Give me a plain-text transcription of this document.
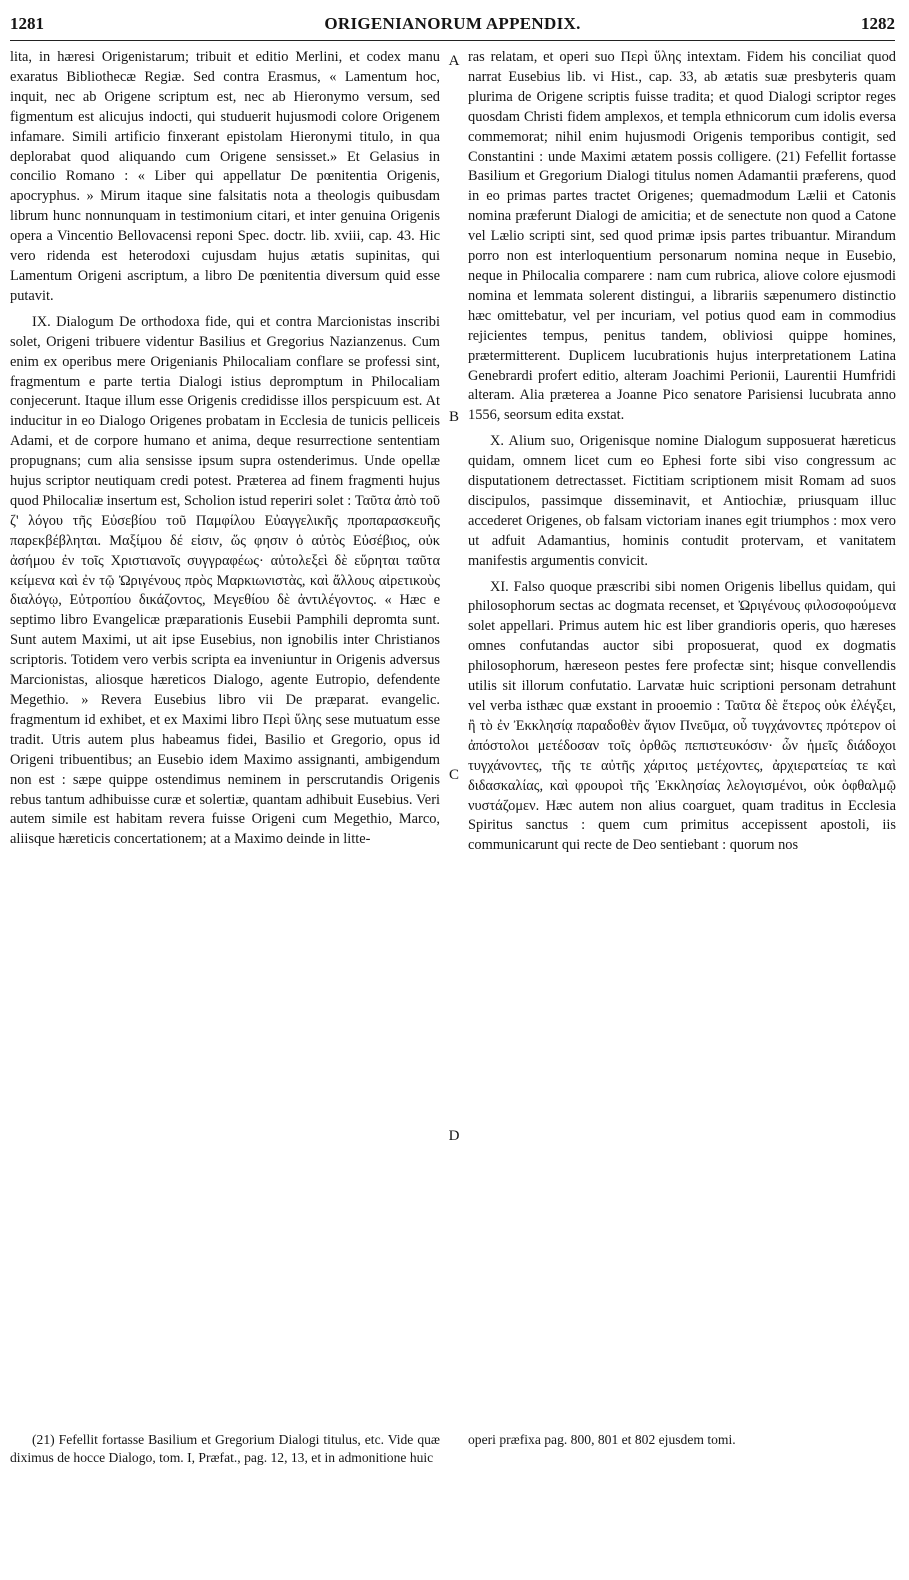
1281	ORIGENIANORUM APPENDIX.	1282

lita, in hæresi Origenistarum; tribuit et editio Merlini, et codex manu exaratus Bibliothecæ Regiæ. Sed contra Erasmus, « Lamentum hoc, inquit, nec ab Origene scriptum est, nec ab Hieronymo versum, sed figmentum est alicujus indocti, qui studuerit hujusmodi colore Origenem infamare. Simili artificio finxerant epistolam Hieronymi titulo, in qua deplorabat quod aliquando cum Origene sensisset.» Et Gelasius in concilio Romano : « Liber qui appellatur De pœnitentia Origenis, apocryphus. » Mirum itaque sine falsitatis nota a theologis quibusdam librum hunc nonnunquam in testimonium citari, et inter genuina Origenis opera a Vincentio Bellovacensi reponi Spec. doctr. lib. xviii, cap. 43. Hic vero ridenda est heterodoxi cujusdam hujus ætatis supinitas, qui Lamentum Origeni ascriptum, a libro De pœnitentia diversum quid esse putavit.

IX. Dialogum De orthodoxa fide, qui et contra Marcionistas inscribi solet, Origeni tribuere videntur Basilius et Gregorius Nazianzenus. Cum enim ex operibus mere Origenianis Philocaliam conflare se professi sint, fragmentum e parte tertia Dialogi istius depromptum in Philocaliam conjecerunt. Itaque illum esse Origenis credidisse illos perspicuum est. At inducitur in eo Dialogo Origenes probatam in Ecclesia de tunicis pelliceis Adami, et de corpore humano et anima, deque resurrectione sententiam propugnans; cum alia sensisse ipsum supra ostenderimus. Unde opellæ hujus scriptor neutiquam credi potest. Præterea ad finem fragmenti hujus quod Philocaliæ insertum est, Scholion istud reperiri solet : Ταῦτα ἀπὸ τοῦ ζ' λόγου τῆς Εὐσεβίου τοῦ Παμφίλου Εὐαγγελικῆς προπαρασκευῆς παρεκβέβληται. Μαξίμου δέ εἰσιν, ὥς φησιν ὁ αὐτὸς Εὐσέβιος, οὐκ ἀσήμου ἐν τοῖς Χριστιανοῖς συγγραφέως· αὐτολεξεὶ δὲ εὕρηται ταῦτα κείμενα καὶ ἐν τῷ Ὠριγένους πρὸς Μαρκιωνιστὰς, καὶ ἄλλους αἱρετικοὺς διαλόγῳ, Εὐτροπίου δικάζοντος, Μεγεθίου δὲ ἀντιλέγοντος. « Hæc e septimo libro Evangelicæ præparationis Eusebii Pamphili depromta sunt. Sunt autem Maximi, ut ait ipse Eusebius, non ignobilis inter Christianos scriptoris. Totidem vero verbis scripta ea inveniuntur in Origenis adversus Marcionistas, aliosque hæreticos Dialogo, agente Eutropio, defendente Megethio. » Revera Eusebius libro vii De præparat. evangelic. fragmentum id exhibet, et ex Maximi libro Περὶ ὕλης sese mutuatum esse tradit. Utris autem plus habeamus fidei, Basilio et Gregorio, opus id Origeni tribuentibus; an Eusebio idem Maximo assignanti, ambigendum non est : sæpe quippe ostendimus neminem in perscrutandis Origenis rebus tantum adhibuisse curæ et solertiæ, quantam adhibuit Eusebius. Veri autem simile est habitam revera fuisse Origeni cum Megethio, Marco, aliisque hæreticis concertationem; at a Maximo deinde in litte-

A
B
C
D

ras relatam, et operi suo Περὶ ὕλης intextam. Fidem his conciliat quod narrat Eusebius lib. vi Hist., cap. 33, ab ætatis suæ presbyteris quam plurima de Origene scriptis fuisse tradita; et quod Dialogi scriptor reges quosdam Christi fidem amplexos, et templa ethnicorum cum idolis eversa commemorat; nihil enim hujusmodi Origenis temporibus contigit, sed Constantini : unde Maximi ætatem possis colligere. (21) Fefellit fortasse Basilium et Gregorium Dialogi titulus nomen Adamantii præferens, quod in eo primas partes tractet Origenes; quemadmodum Lælii et Catonis nomina præferunt Dialogi de amicitia; et de senectute non quod a Catone vel Lælio scripti sint, sed quod primæ ipsis partes tribuantur. Mirandum porro non est interloquentium personarum nomina neque in Eusebio, neque in Philocalia comparere : nam cum rubrica, aliove colore ejusmodi nomina et lemmata solerent distingui, a librariis sæpenumero distinctio hæc omittebatur, vel per incuriam, vel potius quod eam in commodius rejicientes tempus, penitus tandem, obliviosi quippe homines, prætermitterent. Duplicem lucubrationis hujus interpretationem Latina Genebrardi profert editio, alteram Joachimi Perionii, Laurentii Humfridi alteram. Alia præterea a Joanne Pico senatore Parisiensi lucubrata anno 1556, seorsum edita exstat.

X. Alium suo, Origenisque nomine Dialogum supposuerat hæreticus quidam, omnem licet cum eo Ephesi forte sibi viso congressum ac disputationem detrectasset. Fictitiam scriptionem misit Romam ad suos discipulos, passimque disseminavit, et Antiochiæ, priusquam illuc accederet Origenes, ob falsam victoriam inanes egit triumphos : mox vero ut adfuit Adamantius, hominis contudit protervam, et vanitatem manifestis argumentis convicit.

XI. Falso quoque præscribi sibi nomen Origenis libellus quidam, qui philosophorum sectas ac dogmata recenset, et Ὠριγένους φιλοσοφούμενα solet appellari. Primus autem hic est liber grandioris operis, quo hæreses omnes confutandas auctor sibi proposuerat, quod ex dogmatis philosophorum, hæreseon pestes fere profectæ sint; hisque convellendis utilis sit illorum confutatio. Larvatæ huic scriptioni personam detrahunt vel verba isthæc quæ exstant in prooemio : Ταῦτα δὲ ἕτερος οὐκ ἐλέγξει, ἢ τὸ ἐν Ἐκκλησίᾳ παραδοθὲν ἅγιον Πνεῦμα, οὗ τυγχάνοντες πρότερον οἱ ἀπόστολοι μετέδοσαν τοῖς ὀρθῶς πεπιστευκόσιν· ὧν ἡμεῖς διάδοχοι τυγχάνοντες, τῆς τε αὐτῆς χάριτος μετέχοντες, ἀρχιερατείας τε καὶ διδασκαλίας, καὶ φρουροὶ τῆς Ἐκκλησίας λελογισμένοι, οὐκ ὀφθαλμῷ νυστάζομεν. Hæc autem non alius coarguet, quam traditus in Ecclesia Spiritus sanctus : quem cum primitus accepissent apostoli, iis communicarunt qui recte de Deo sentiebant : quorum nos

(21) Fefellit fortasse Basilium et Gregorium Dialogi titulus, etc. Vide quæ diximus de hocce Dialogo, tom. I, Præfat., pag. 12, 13, et in admonitione huic

operi præfixa pag. 800, 801 et 802 ejusdem tomi.
